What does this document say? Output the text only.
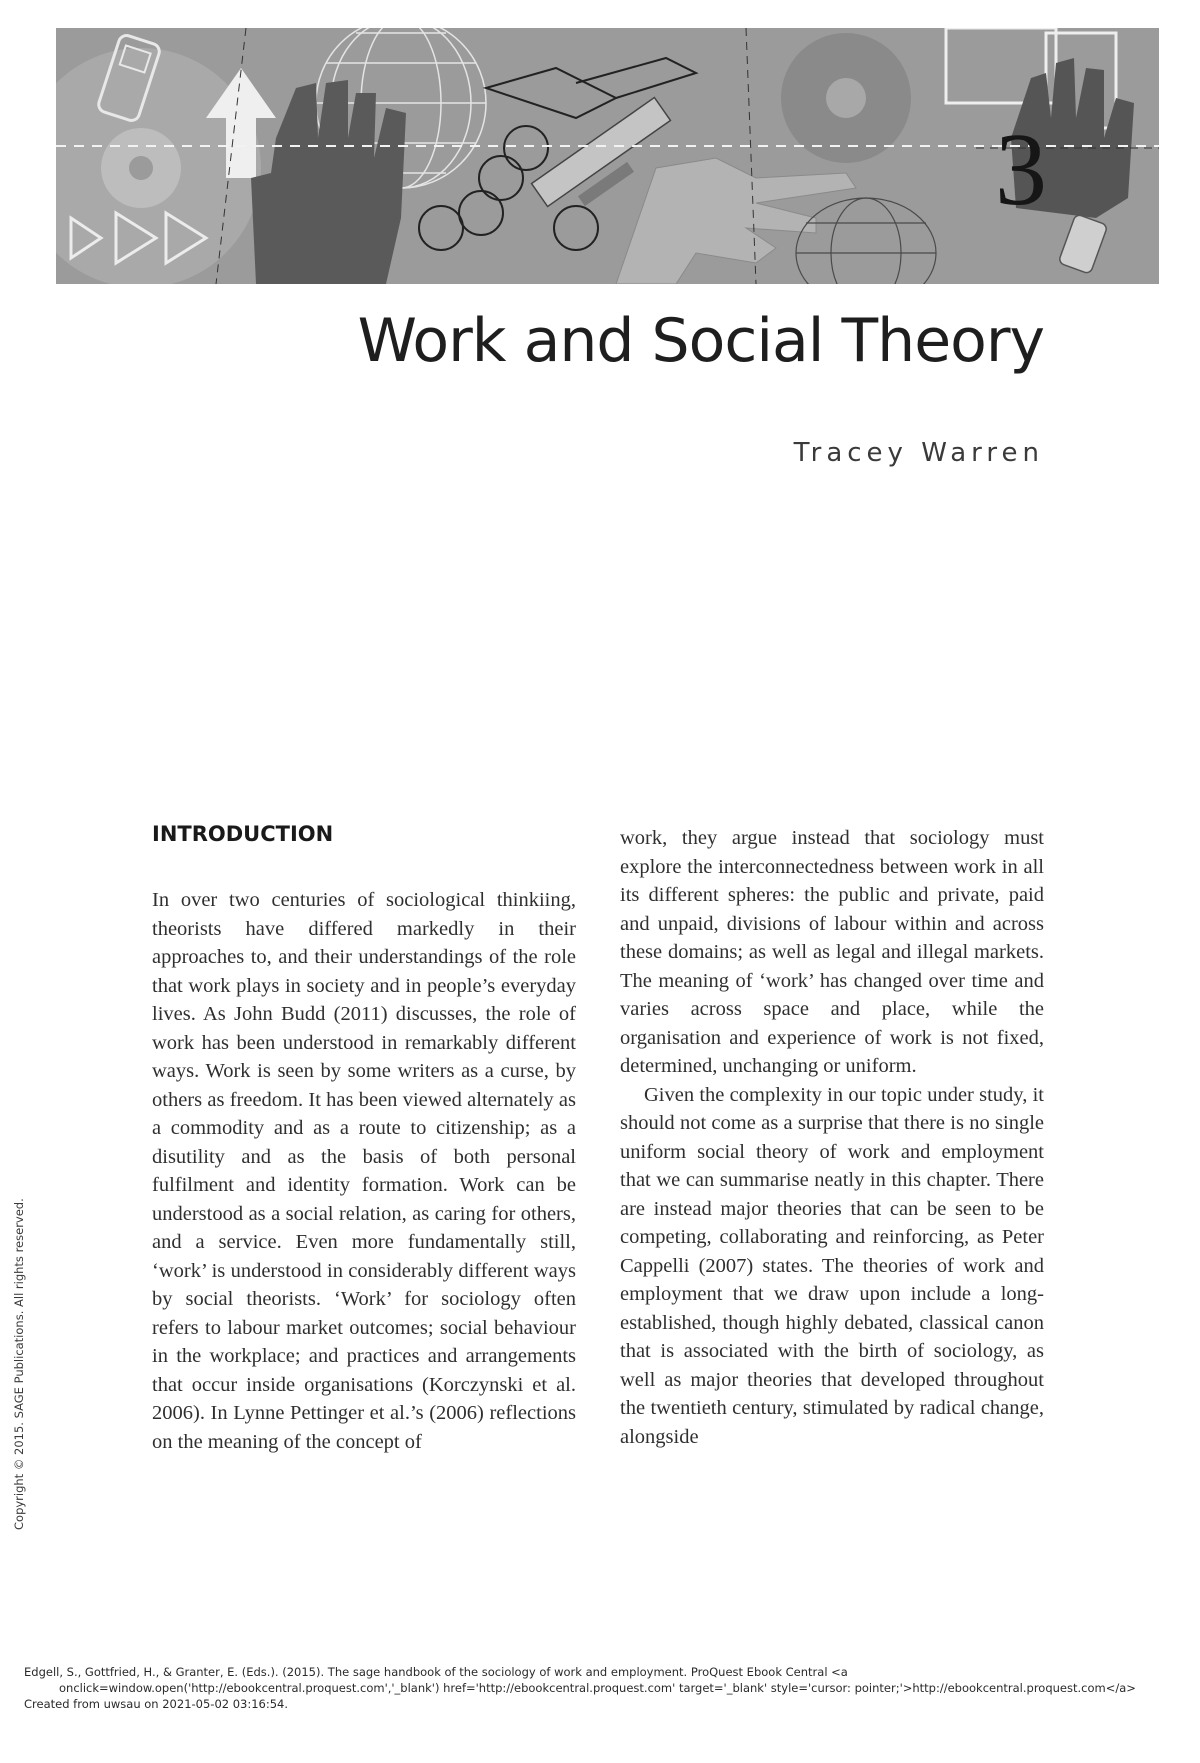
3
Work and Social Theory
Tracey Warren
INTRODUCTION

In over two centuries of sociological thinkiing, theorists have differed markedly in their approaches to, and their understandings of the role that work plays in society and in people’s everyday lives. As John Budd (2011) discusses, the role of work has been understood in remarkably different ways. Work is seen by some writers as a curse, by others as freedom. It has been viewed alternately as a commodity and as a route to citizenship; as a disutility and as the basis of both personal fulfilment and identity formation. Work can be understood as a social relation, as caring for others, and a service. Even more fundamentally still, ‘work’ is understood in considerably different ways by social theorists. ‘Work’ for sociology often refers to labour market outcomes; social behaviour in the workplace; and practices and arrangements that occur inside organisations (Korczynski et al. 2006). In Lynne Pettinger et al.’s (2006) reflections on the meaning of the concept of

work, they argue instead that sociology must explore the interconnectedness between work in all its different spheres: the public and private, paid and unpaid, divisions of labour within and across these domains; as well as legal and illegal markets. The meaning of ‘work’ has changed over time and varies across space and place, while the organisation and experience of work is not fixed, determined, unchanging or uniform.

Given the complexity in our topic under study, it should not come as a surprise that there is no single uniform social theory of work and employment that we can summarise neatly in this chapter. There are instead major theories that can be seen to be competing, collaborating and reinforcing, as Peter Cappelli (2007) states. The theories of work and employment that we draw upon include a long-established, though highly debated, classical canon that is associated with the birth of sociology, as well as major theories that developed throughout the twentieth century, stimulated by radical change, alongside

Copyright © 2015. SAGE Publications. All rights reserved.
Edgell, S., Gottfried, H., & Granter, E. (Eds.). (2015). The sage handbook of the sociology of work and employment. ProQuest Ebook Central <a
onclick=window.open('http://ebookcentral.proquest.com','_blank') href='http://ebookcentral.proquest.com' target='_blank' style='cursor: pointer;'>http://ebookcentral.proquest.com</a>
Created from uwsau on 2021-05-02 03:16:54.
